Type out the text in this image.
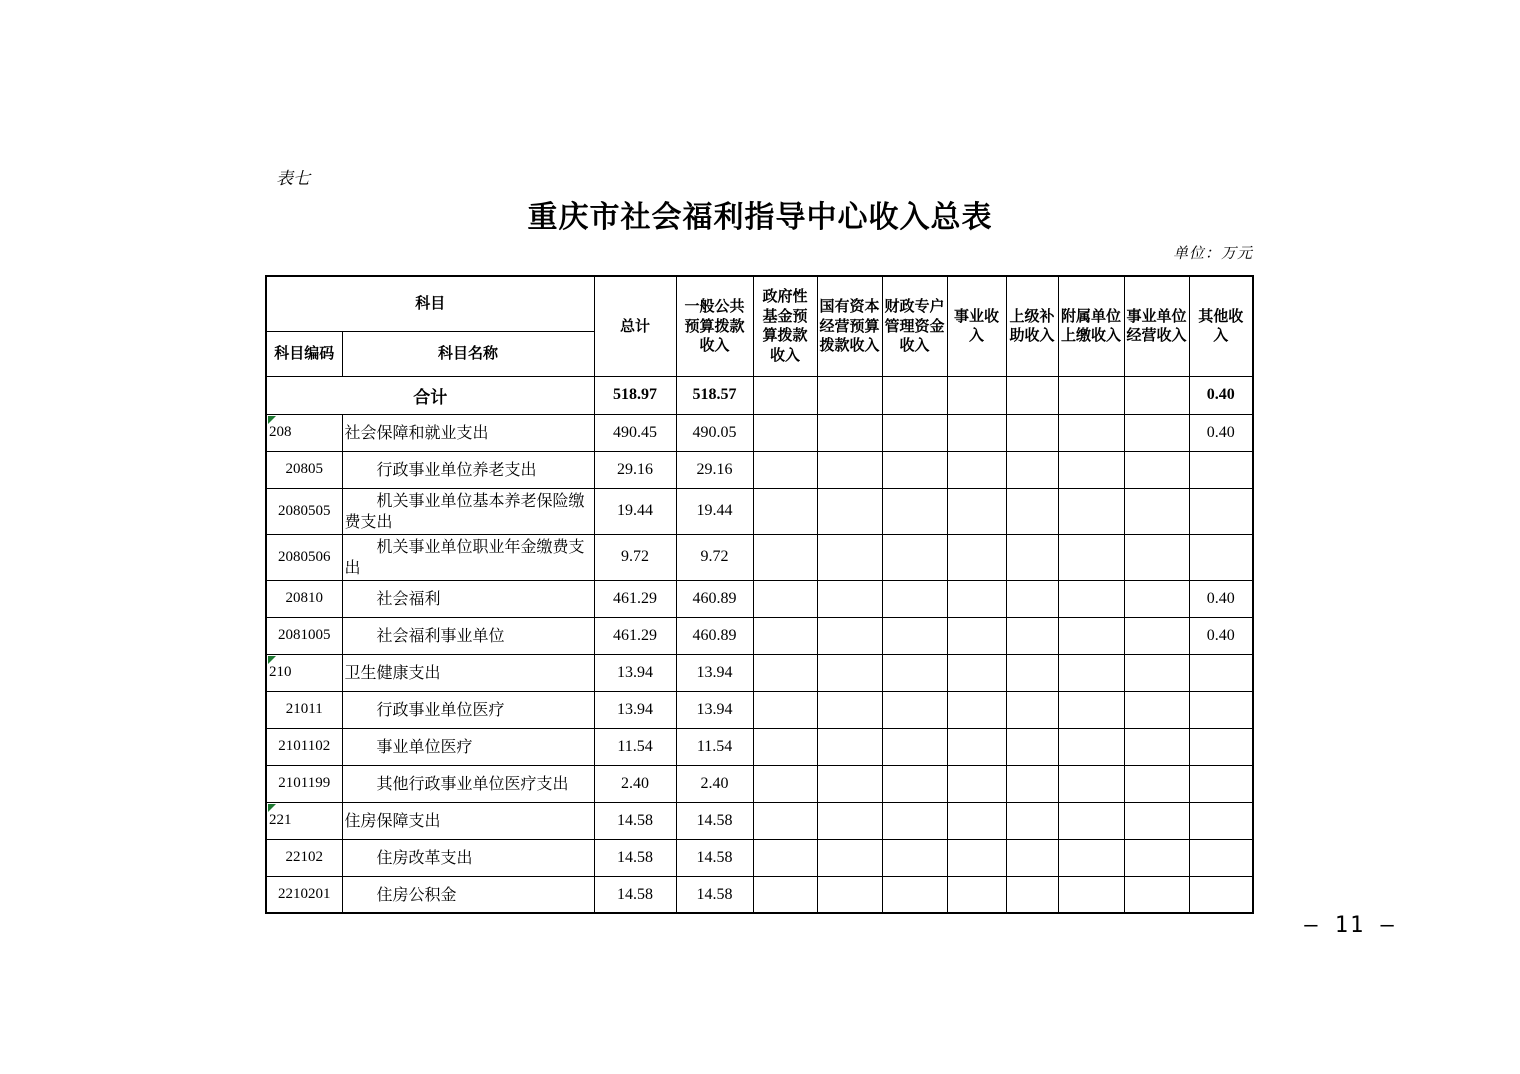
表七
重庆市社会福利指导中心收入总表
单位：万元
科目		总计	一般公共预算拨款收入	政府性基金预算拨款收入	国有资本经营预算拨款收入	财政专户管理资金收入	事业收入	上级补助收入	附属单位上缴收入	事业单位经营收入	其他收入
科目编码	科目名称										
合计		518.97	518.57								0.40

208	社会保障和就业支出	490.45	490.05								0.40
20805	行政事业单位养老支出	29.16	29.16								
2080505	机关事业单位基本养老保险缴费支出	19.44	19.44								
2080506	机关事业单位职业年金缴费支出	9.72	9.72								
20810	社会福利	461.29	460.89								0.40
2081005	社会福利事业单位	461.29	460.89								0.40

210	卫生健康支出	13.94	13.94								
21011	行政事业单位医疗	13.94	13.94								
2101102	事业单位医疗	11.54	11.54								
2101199	其他行政事业单位医疗支出	2.40	2.40								

221	住房保障支出	14.58	14.58								
22102	住房改革支出	14.58	14.58								
2210201	住房公积金	14.58	14.58								
— 11 —
